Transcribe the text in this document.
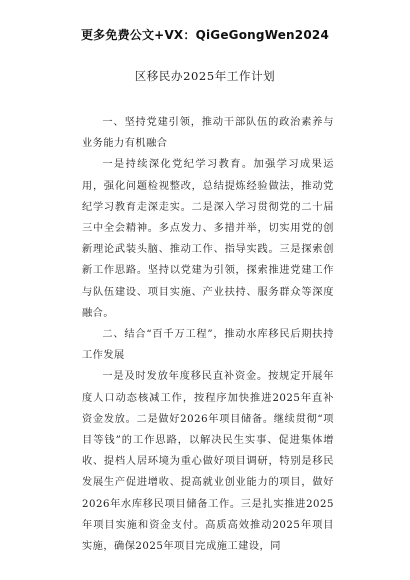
更多免费公文+VX：QiGeGongWen2024
区移民办2025年工作计划

一、坚持党建引领，推动干部队伍的政治素养与业务能力有机融合

一是持续深化党纪学习教育。加强学习成果运用，强化问题检视整改，总结提炼经验做法，推动党纪学习教育走深走实。二是深入学习贯彻党的二十届三中全会精神。多点发力、多措并举，切实用党的创新理论武装头脑、推动工作、指导实践。三是探索创新工作思路。坚持以党建为引领，探索推进党建工作与队伍建设、项目实施、产业扶持、服务群众等深度融合。

二、结合“百千万工程”，推动水库移民后期扶持工作发展

一是及时发放年度移民直补资金。按规定开展年度人口动态核减工作，按程序加快推进2025年直补资金发放。二是做好2026年项目储备。继续贯彻“项目等钱”的工作思路，以解决民生实事、促进集体增收、提档人居环境为重心做好项目调研，特别是移民发展生产促进增收、提高就业创业能力的项目，做好2026年水库移民项目储备工作。三是扎实推进2025年项目实施和资金支付。高质高效推动2025年项目实施，确保2025年项目完成施工建设，同
